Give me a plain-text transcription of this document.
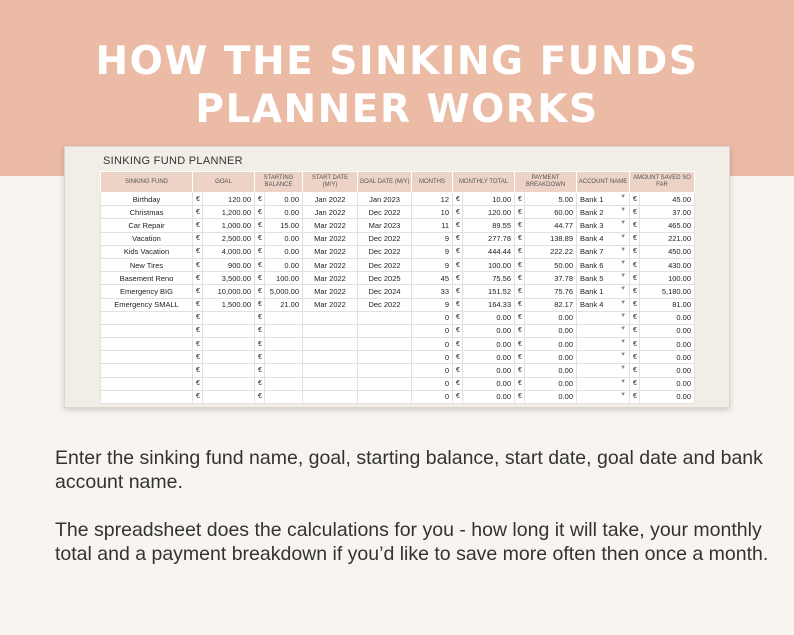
HOW THE SINKING FUNDS
PLANNER WORKS
SINKING FUND PLANNER
SINKING FUND	GOAL		STARTING BALANCE		START DATE (M/Y)	GOAL DATE (M/Y)	MONTHS	MONTHLY TOTAL		PAYMENT BREAKDOWN		ACCOUNT NAME	AMOUNT SAVED SO FAR	
Birthday	€	120.00	€	0.00	Jan 2022	Jan 2023	12	€	10.00	€	5.00	Bank 1 ▼	€	45.00
Christmas	€	1,200.00	€	0.00	Jan 2022	Dec 2022	10	€	120.00	€	60.00	Bank 2 ▼	€	37.00
Car Repair	€	1,000.00	€	15.00	Mar 2022	Mar 2023	11	€	89.55	€	44.77	Bank 3 ▼	€	465.00
Vacation	€	2,500.00	€	0.00	Mar 2022	Dec 2022	9	€	277.78	€	138.89	Bank 4 ▼	€	221.00
Kids Vacation	€	4,000.00	€	0.00	Mar 2022	Dec 2022	9	€	444.44	€	222.22	Bank 7 ▼	€	450.00
New Tires	€	900.00	€	0.00	Mar 2022	Dec 2022	9	€	100.00	€	50.00	Bank 6 ▼	€	430.00
Basement Reno	€	3,500.00	€	100.00	Mar 2022	Dec 2025	45	€	75.56	€	37.78	Bank 5 ▼	€	100.00
Emergency BIG	€	10,000.00	€	5,000.00	Mar 2022	Dec 2024	33	€	151.52	€	75.76	Bank 1 ▼	€	5,180.00
Emergency SMALL	€	1,500.00	€	21.00	Mar 2022	Dec 2022	9	€	164.33	€	82.17	Bank 4 ▼	€	81.00
	€		€				0	€	0.00	€	0.00	▼	€	0.00
	€		€				0	€	0.00	€	0.00	▼	€	0.00
	€		€				0	€	0.00	€	0.00	▼	€	0.00
	€		€				0	€	0.00	€	0.00	▼	€	0.00
	€		€				0	€	0.00	€	0.00	▼	€	0.00
	€		€				0	€	0.00	€	0.00	▼	€	0.00
	€		€				0	€	0.00	€	0.00	▼	€	0.00

Enter the sinking fund name, goal, starting balance, start date, goal date and bank account name.

The spreadsheet does the calculations for you - how long it will take, your monthly total and a payment breakdown if you’d like to save more often then once a month.
